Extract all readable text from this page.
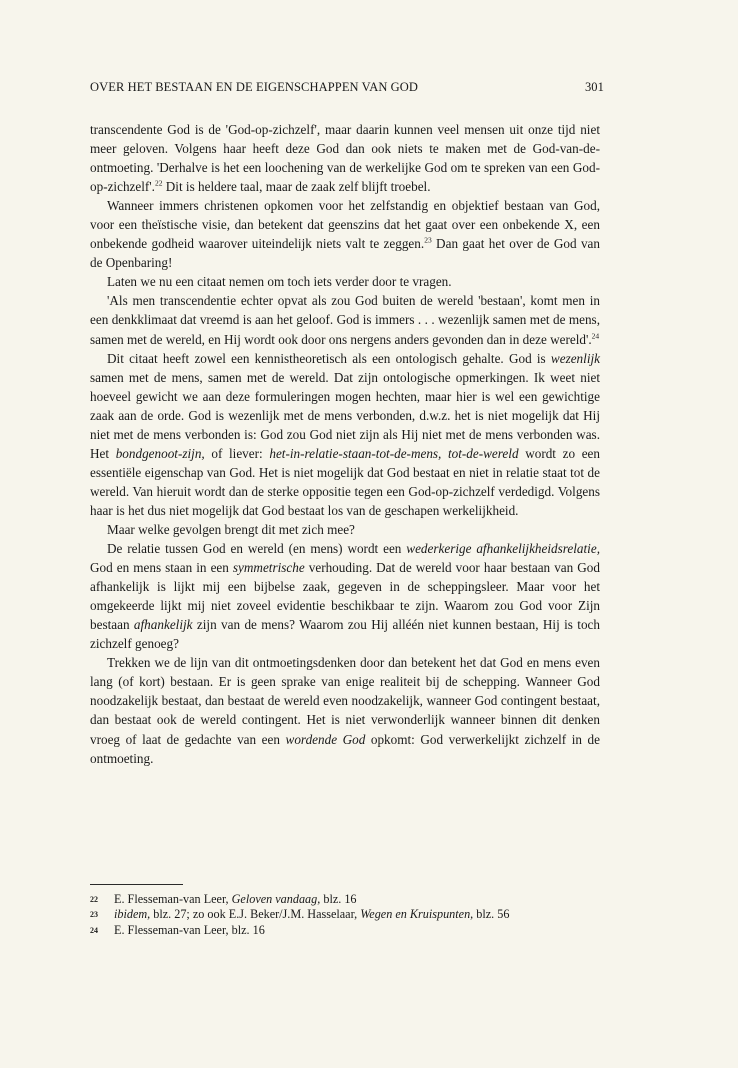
OVER HET BESTAAN EN DE EIGENSCHAPPEN VAN GOD	301

transcendente God is de 'God-op-zichzelf', maar daarin kunnen veel mensen uit onze tijd niet meer geloven. Volgens haar heeft deze God dan ook niets te maken met de God-van-de-ontmoeting. 'Derhalve is het een loochening van de werkelijke God om te spreken van een God-op-zichzelf'.$^{22}$ Dit is heldere taal, maar de zaak zelf blijft troebel.

Wanneer immers christenen opkomen voor het zelfstandig en objektief bestaan van God, voor een theïstische visie, dan betekent dat geenszins dat het gaat over een onbekende X, een onbekende godheid waarover uiteindelijk niets valt te zeggen.$^{23}$ Dan gaat het over de God van de Openbaring!

Laten we nu een citaat nemen om toch iets verder door te vragen.

'Als men transcendentie echter opvat als zou God buiten de wereld 'bestaan', komt men in een denkklimaat dat vreemd is aan het geloof. God is immers . . . wezenlijk samen met de mens, samen met de wereld, en Hij wordt ook door ons nergens anders gevonden dan in deze wereld'.$^{24}$

Dit citaat heeft zowel een kennistheoretisch als een ontologisch gehalte. God is wezenlijk samen met de mens, samen met de wereld. Dat zijn ontologische opmerkingen. Ik weet niet hoeveel gewicht we aan deze formuleringen mogen hechten, maar hier is wel een gewichtige zaak aan de orde. God is wezenlijk met de mens verbonden, d.w.z. het is niet mogelijk dat Hij niet met de mens verbonden is: God zou God niet zijn als Hij niet met de mens verbonden was. Het bondgenoot-zijn, of liever: het-in-relatie-staan-tot-de-mens, tot-de-wereld wordt zo een essentiële eigenschap van God. Het is niet mogelijk dat God bestaat en niet in relatie staat tot de wereld. Van hieruit wordt dan de sterke oppositie tegen een God-op-zichzelf verdedigd. Volgens haar is het dus niet mogelijk dat God bestaat los van de geschapen werkelijkheid.

Maar welke gevolgen brengt dit met zich mee?

De relatie tussen God en wereld (en mens) wordt een wederkerige afhankelijkheidsrelatie, God en mens staan in een symmetrische verhouding. Dat de wereld voor haar bestaan van God afhankelijk is lijkt mij een bijbelse zaak, gegeven in de scheppingsleer. Maar voor het omgekeerde lijkt mij niet zoveel evidentie beschikbaar te zijn. Waarom zou God voor Zijn bestaan afhankelijk zijn van de mens? Waarom zou Hij alléén niet kunnen bestaan, Hij is toch zichzelf genoeg?

Trekken we de lijn van dit ontmoetingsdenken door dan betekent het dat God en mens even lang (of kort) bestaan. Er is geen sprake van enige realiteit bij de schepping. Wanneer God noodzakelijk bestaat, dan bestaat de wereld even noodzakelijk, wanneer God contingent bestaat, dan bestaat ook de wereld contingent. Het is niet verwonderlijk wanneer binnen dit denken vroeg of laat de gedachte van een wordende God opkomt: God verwerkelijkt zichzelf in de ontmoeting.

22 E. Flesseman-van Leer, Geloven vandaag, blz. 16
23 ibidem, blz. 27; zo ook E.J. Beker/J.M. Hasselaar, Wegen en Kruispunten, blz. 56
24 E. Flesseman-van Leer, blz. 16
